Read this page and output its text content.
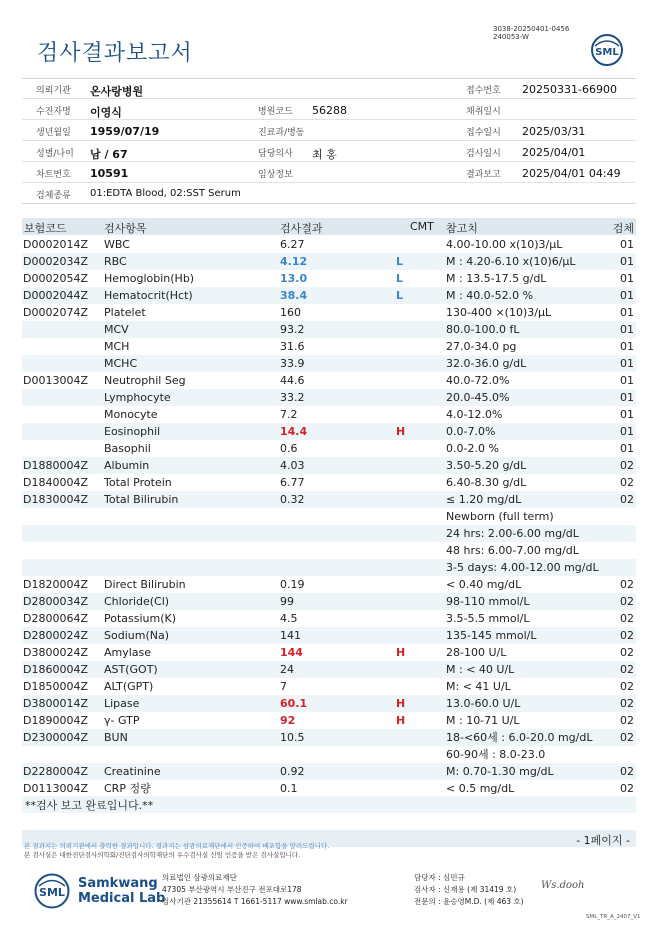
3038-20250401-0456
240053-W
검사결과보고서	SML
의뢰기관 온사랑병원	접수번호 20250331-66900
수진자명 이영식	병원코드 56288	채취일시
생년월일 1959/07/19	진료과/병동	접수일시 2025/03/31
성별/나이 남 / 67	담당의사 최 홍	검사일시 2025/04/01
차트번호 10591	임상정보	결과보고 2025/04/01 04:49
검체종류 01:EDTA Blood, 02:SST Serum
보험코드	검사항목	검사결과	CMT 참고치	검체
D0002014Z WBC	6.27	4.00-10.00 x(10)3/μL	01
D0002034Z RBC	4.12	L	M : 4.20-6.10 x(10)6/μL	01
D0002054Z Hemoglobin(Hb)	13.0	L	M : 13.5-17.5 g/dL	01
D0002044Z Hematocrit(Hct)	38.4	L	M : 40.0-52.0 %	01
D0002074Z Platelet	160	130-400 ×(10)3/μL	01
MCV	93.2	80.0-100.0 fL	01
MCH	31.6	27.0-34.0 pg	01
MCHC	33.9	32.0-36.0 g/dL	01
D0013004Z Neutrophil Seg	44.6	40.0-72.0%	01
Lymphocyte	33.2	20.0-45.0%	01
Monocyte	7.2	4.0-12.0%	01
Eosinophil	14.4	H	0.0-7.0%	01
Basophil	0.6	0.0-2.0 %	01
D1880004Z Albumin	4.03	3.50-5.20 g/dL	02
D1840004Z Total Protein	6.77	6.40-8.30 g/dL	02
D1830004Z Total Bilirubin	0.32	≤ 1.20 mg/dL	02
Newborn (full term)
24 hrs: 2.00-6.00 mg/dL
48 hrs: 6.00-7.00 mg/dL
3-5 days: 4.00-12.00 mg/dL
D1820004Z Direct Bilirubin	0.19	< 0.40 mg/dL	02
D2800034Z Chloride(Cl)	99	98-110 mmol/L	02
D2800064Z Potassium(K)	4.5	3.5-5.5 mmol/L	02
D2800024Z Sodium(Na)	141	135-145 mmol/L	02
D3800024Z Amylase	144	H	28-100 U/L	02
D1860004Z AST(GOT)	24	M : < 40 U/L	02
D1850004Z ALT(GPT)	7	M: < 41 U/L	02
D3800014Z Lipase	60.1	H	13.0-60.0 U/L	02
D1890004Z γ- GTP	92	H	M : 10-71 U/L	02
D2300004Z BUN	10.5	18-<60세 : 6.0-20.0 mg/dL	02
60-90세 : 8.0-23.0
D2280004Z Creatinine	0.92	M: 0.70-1.30 mg/dL	02
D0113004Z CRP 정량	0.1	< 0.5 mg/dL	02
**검사 보고 완료입니다.**
- 1페이지 -
본 결과지는 의뢰기관에서 출력한 결과입니다. 결과지는 삼광의료재단에서 인증하여 배포함을 알려드립니다.
본 검사실은 대한진단검사의학회/진단검사의학재단의 우수검사실 신임 인증을 받은 검사실입니다.
SML
Samkwang
Medical Lab
의료법인 삼광의료재단
47305 부산광역시 부산진구 전포대로178
검사기관 21355614 T 1661-5117 www.smlab.co.kr
담당자 : 심민규
검사자 : 신재용 (제 31419 호)
전문의 : 윤승영M.D. (제 463 호)
Ws.dooh
SML_TR_A_2407_V1
